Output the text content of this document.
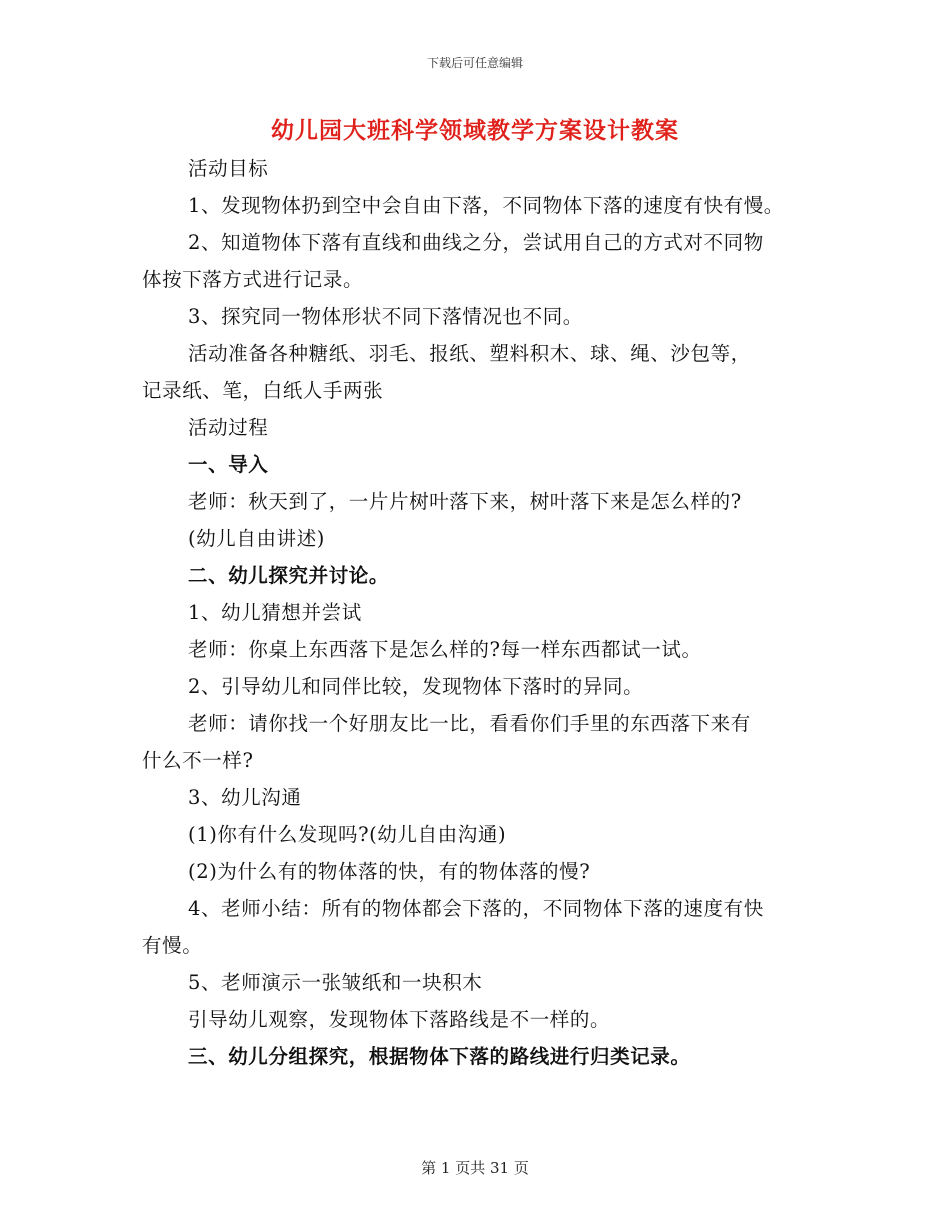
下载后可任意编辑
幼儿园大班科学领域教学方案设计教案

活动目标

1、发现物体扔到空中会自由下落，不同物体下落的速度有快有慢。

2、知道物体下落有直线和曲线之分，尝试用自己的方式对不同物

体按下落方式进行记录。

3、探究同一物体形状不同下落情况也不同。

活动准备各种糖纸、羽毛、报纸、塑料积木、球、绳、沙包等，

记录纸、笔，白纸人手两张

活动过程

一、导入

老师：秋天到了，一片片树叶落下来，树叶落下来是怎么样的?

(幼儿自由讲述)

二、幼儿探究并讨论。

1、幼儿猜想并尝试

老师：你桌上东西落下是怎么样的?每一样东西都试一试。

2、引导幼儿和同伴比较，发现物体下落时的异同。

老师：请你找一个好朋友比一比，看看你们手里的东西落下来有

什么不一样?

3、幼儿沟通

(1)你有什么发现吗?(幼儿自由沟通)

(2)为什么有的物体落的快，有的物体落的慢?

4、老师小结：所有的物体都会下落的，不同物体下落的速度有快

有慢。

5、老师演示一张皱纸和一块积木

引导幼儿观察，发现物体下落路线是不一样的。

三、幼儿分组探究，根据物体下落的路线进行归类记录。

第 1 页共 31 页
